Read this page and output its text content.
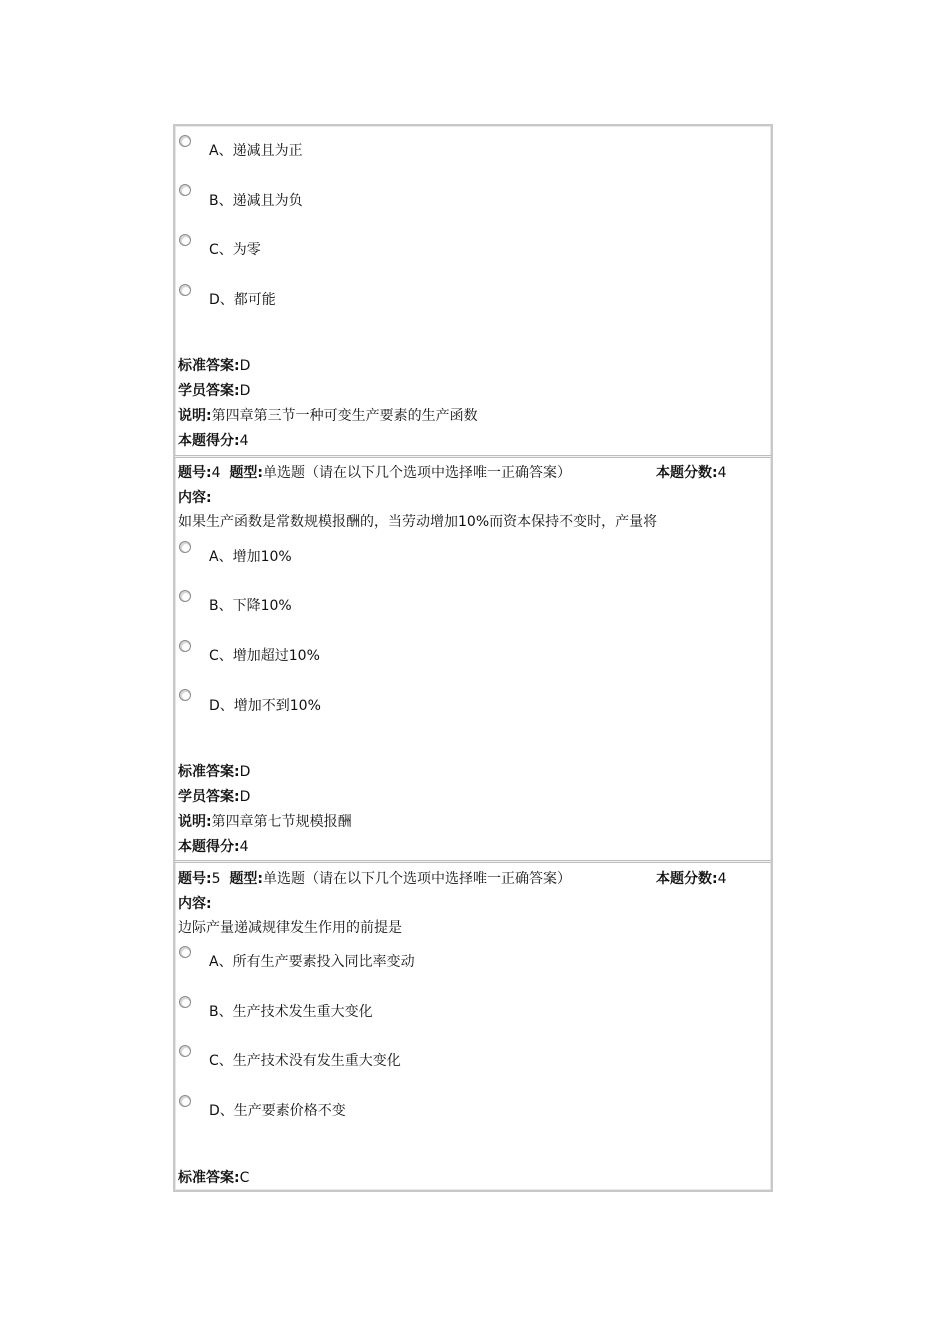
A、递减且为正
B、递减且为负
C、为零
D、都可能
标准答案:D
学员答案:D
说明:第四章第三节一种可变生产要素的生产函数
本题得分:4
题号:4 题型:单选题（请在以下几个选项中选择唯一正确答案）	本题分数:4
内容:
如果生产函数是常数规模报酬的，当劳动增加10%而资本保持不变时，产量将
A、增加10%
B、下降10%
C、增加超过10%
D、增加不到10%
标准答案:D
学员答案:D
说明:第四章第七节规模报酬
本题得分:4
题号:5 题型:单选题（请在以下几个选项中选择唯一正确答案）	本题分数:4
内容:
边际产量递减规律发生作用的前提是
A、所有生产要素投入同比率变动
B、生产技术发生重大变化
C、生产技术没有发生重大变化
D、生产要素价格不变
标准答案:C
